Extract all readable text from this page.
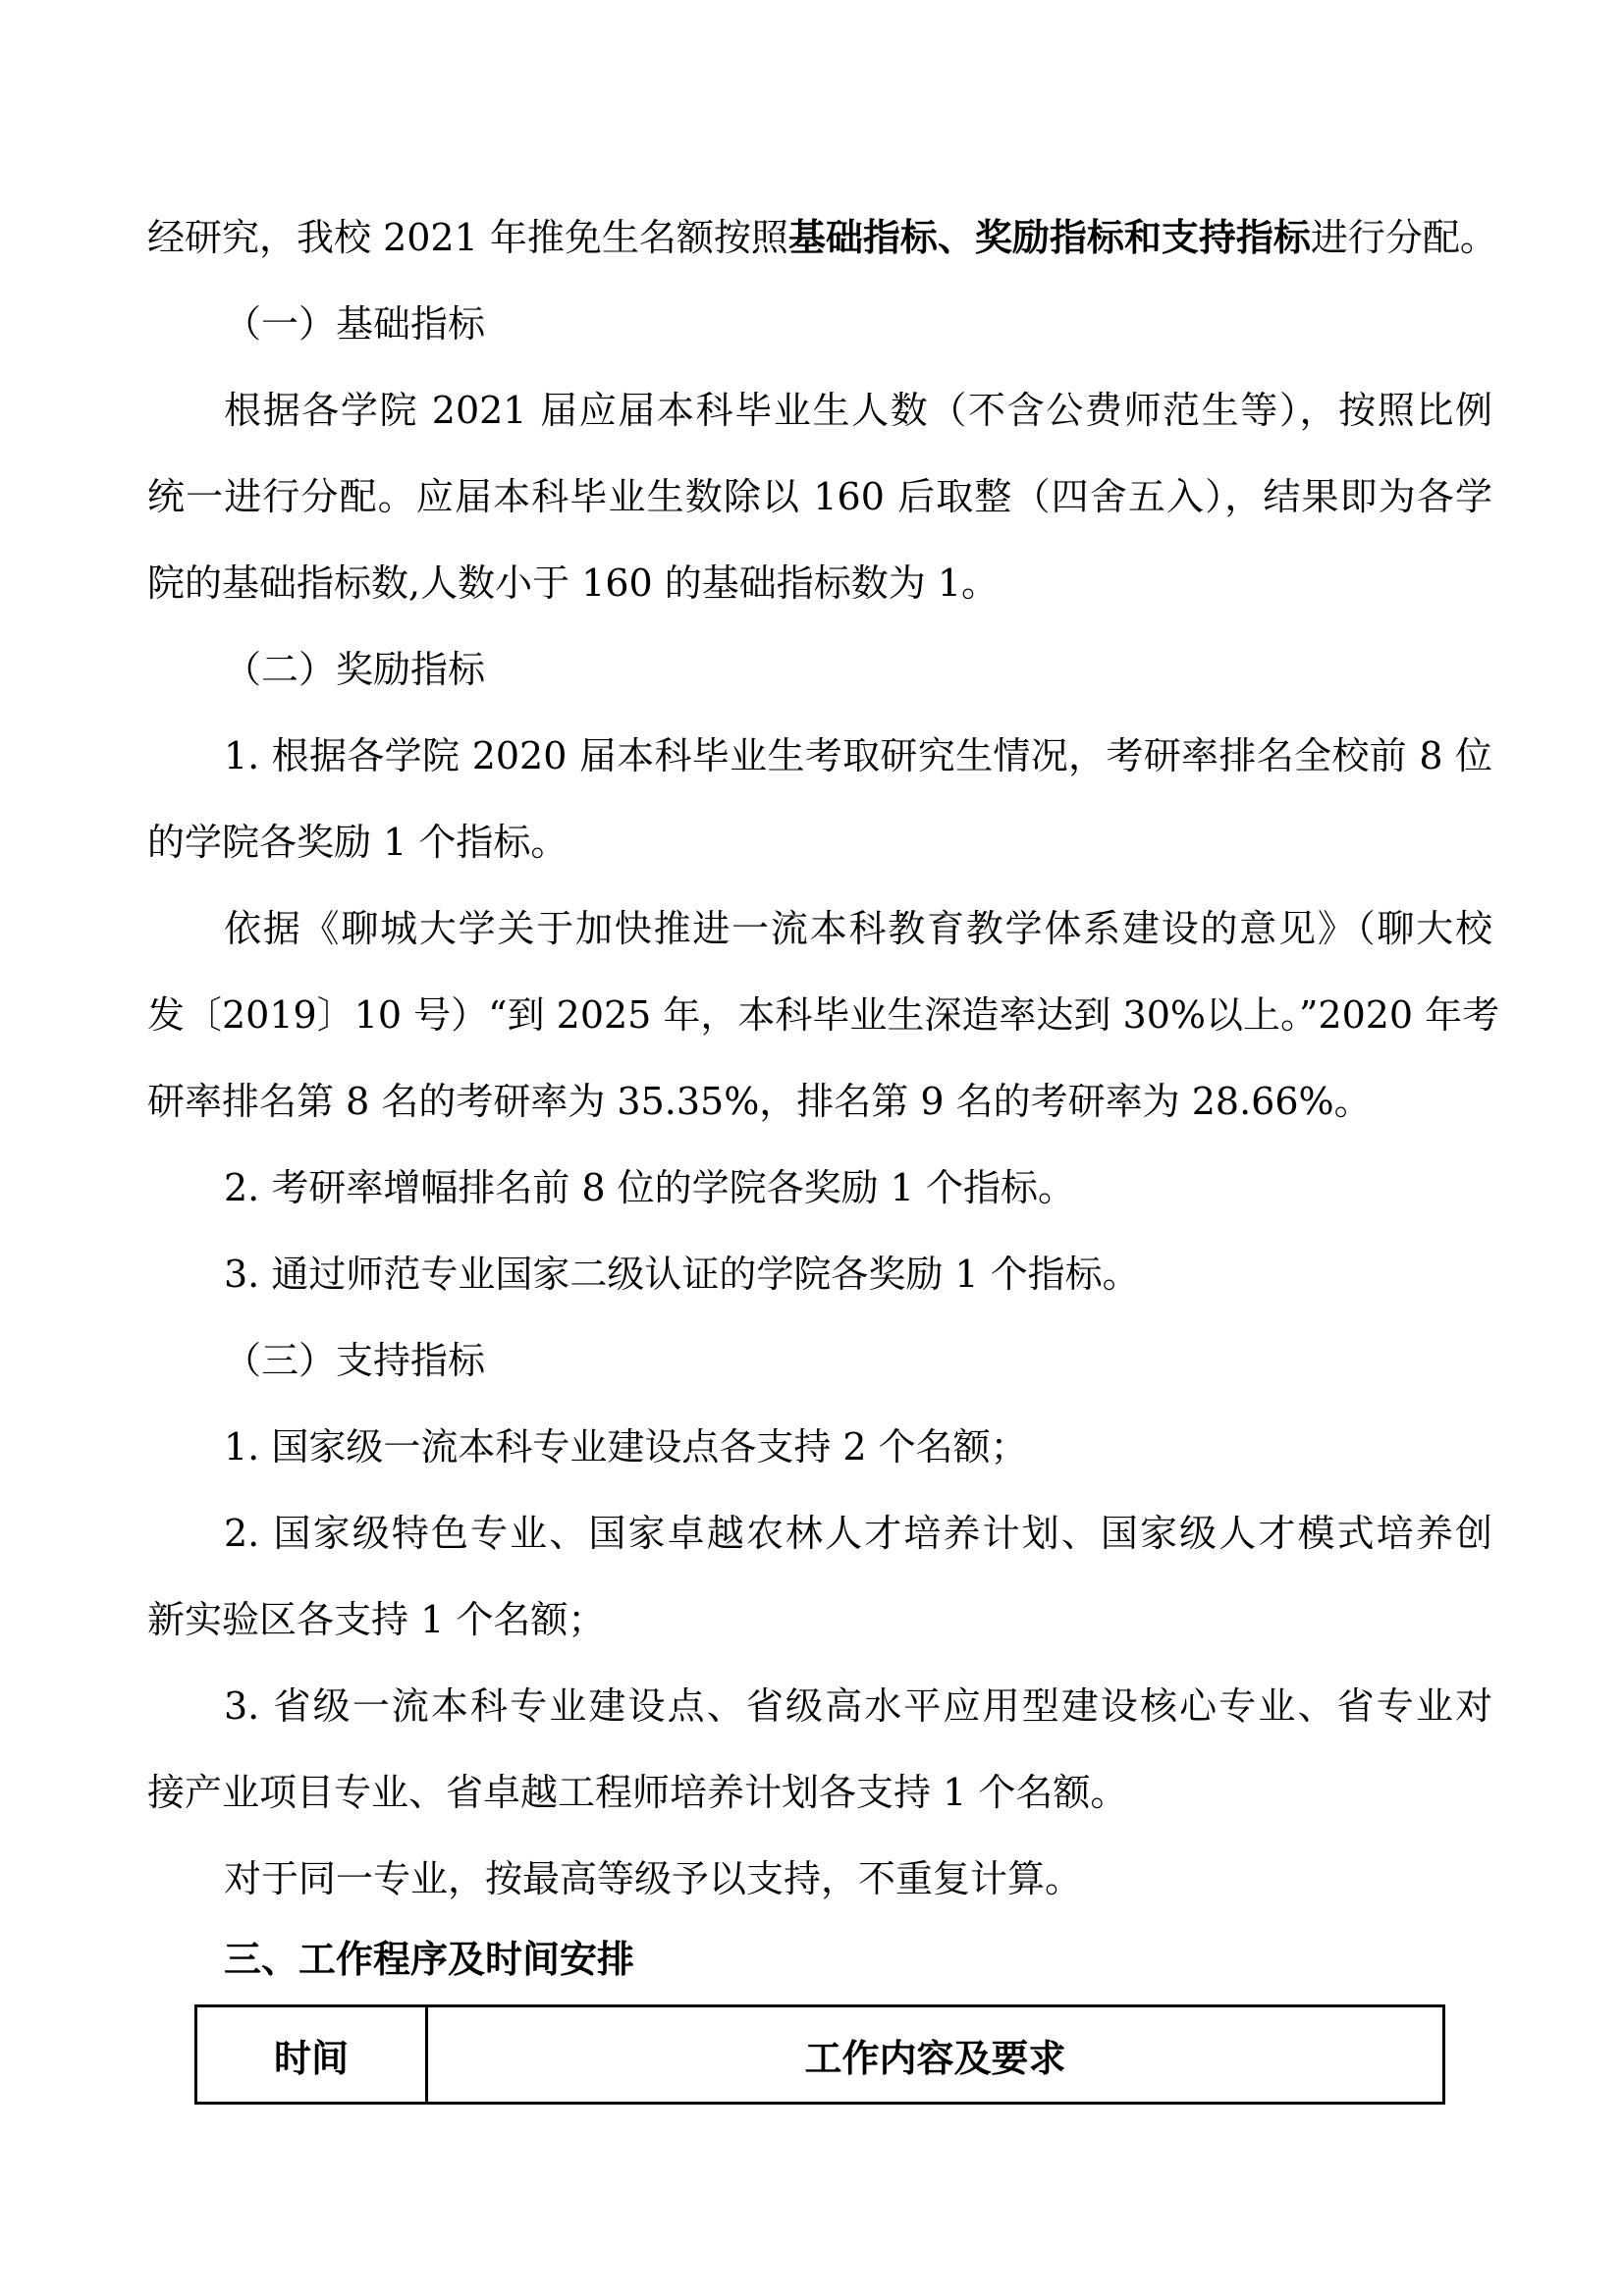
经研究，我校 2021 年推免生名额按照基础指标、奖励指标和支持指标进行分配。
（一）基础指标
根据各学院 2021 届应届本科毕业生人数（不含公费师范生等），按照比例
统一进行分配。应届本科毕业生数除以 160 后取整（四舍五入），结果即为各学
院的基础指标数,人数小于 160 的基础指标数为 1。
（二）奖励指标
1. 根据各学院 2020 届本科毕业生考取研究生情况，考研率排名全校前 8 位
的学院各奖励 1 个指标。
依据《聊城大学关于加快推进一流本科教育教学体系建设的意见》（聊大校
发〔2019〕10 号）“到 2025 年，本科毕业生深造率达到 30%以上。”2020 年考
研率排名第 8 名的考研率为 35.35%，排名第 9 名的考研率为 28.66%。
2. 考研率增幅排名前 8 位的学院各奖励 1 个指标。
3. 通过师范专业国家二级认证的学院各奖励 1 个指标。
（三）支持指标
1. 国家级一流本科专业建设点各支持 2 个名额；
2. 国家级特色专业、国家卓越农林人才培养计划、国家级人才模式培养创
新实验区各支持 1 个名额；
3. 省级一流本科专业建设点、省级高水平应用型建设核心专业、省专业对
接产业项目专业、省卓越工程师培养计划各支持 1 个名额。
对于同一专业，按最高等级予以支持，不重复计算。
三、工作程序及时间安排
时间	工作内容及要求
